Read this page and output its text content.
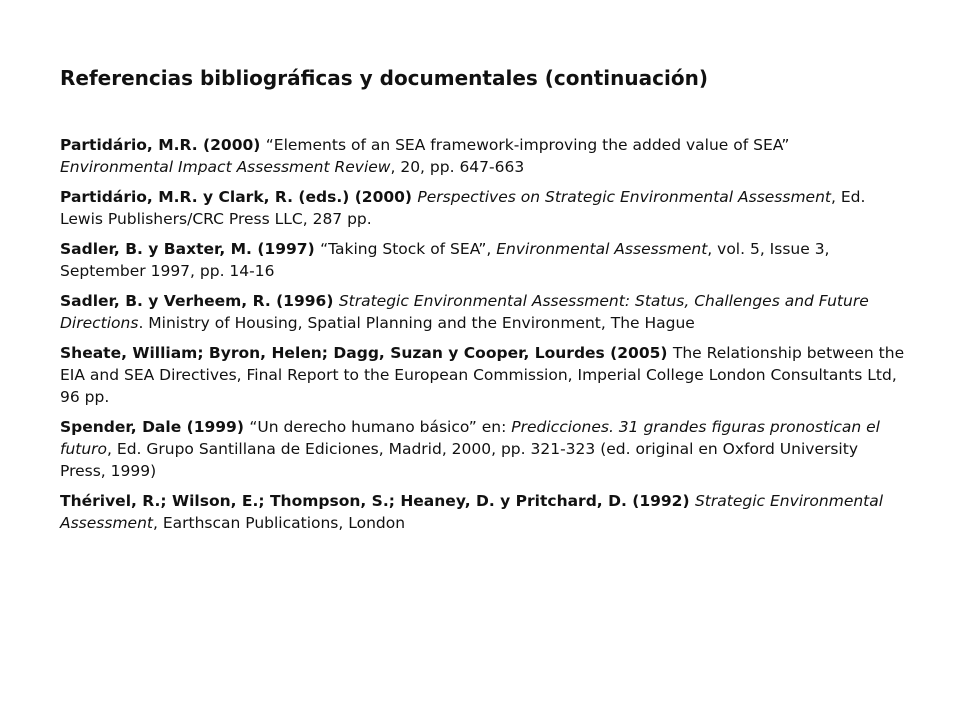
Referencias bibliográficas y documentales (continuación)
Partidário, M.R. (2000) “Elements of an SEA framework-improving the added value of SEA” Environmental Impact Assessment Review, 20, pp. 647-663
Partidário, M.R. y Clark, R. (eds.) (2000) Perspectives on Strategic Environmental Assessment, Ed. Lewis Publishers/CRC Press LLC, 287 pp.
Sadler, B. y Baxter, M. (1997) “Taking Stock of SEA”, Environmental Assessment, vol. 5, Issue 3, September 1997, pp. 14-16
Sadler, B. y Verheem, R. (1996) Strategic Environmental Assessment: Status, Challenges and Future Directions. Ministry of Housing, Spatial Planning and the Environment, The Hague
Sheate, William; Byron, Helen; Dagg, Suzan y Cooper, Lourdes (2005) The Relationship between the EIA and SEA Directives, Final Report to the European Commission, Imperial College London Consultants Ltd, 96 pp.
Spender, Dale (1999) “Un derecho humano básico” en: Predicciones. 31 grandes figuras pronostican el futuro, Ed. Grupo Santillana de Ediciones, Madrid, 2000, pp. 321-323 (ed. original en Oxford University Press, 1999)
Thérivel, R.; Wilson, E.; Thompson, S.; Heaney, D. y Pritchard, D. (1992) Strategic Environmental Assessment, Earthscan Publications, London
